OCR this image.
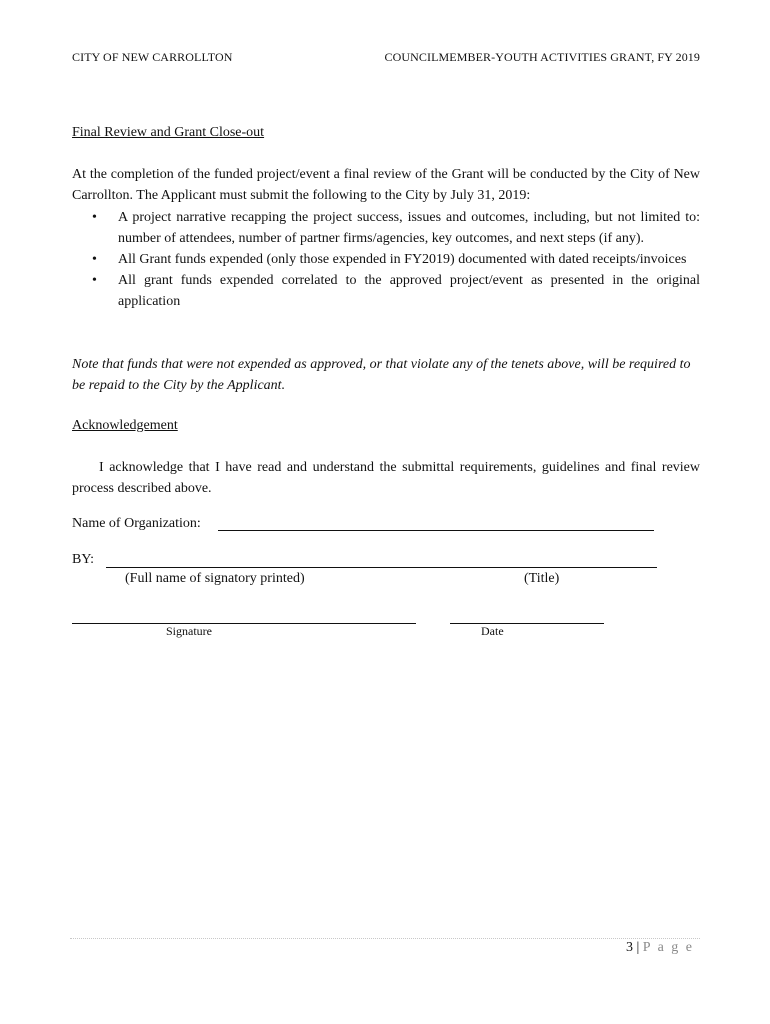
CITY OF NEW CARROLLTON	COUNCILMEMBER-YOUTH ACTIVITIES GRANT, FY 2019
Final Review and Grant Close-out
At the completion of the funded project/event a final review of the Grant will be conducted by the City of New Carrollton. The Applicant must submit the following to the City by July 31, 2019:
• A project narrative recapping the project success, issues and outcomes, including, but not limited to: number of attendees, number of partner firms/agencies, key outcomes, and next steps (if any).
• All Grant funds expended (only those expended in FY2019) documented with dated receipts/invoices
• All grant funds expended correlated to the approved project/event as presented in the original application
Note that funds that were not expended as approved, or that violate any of the tenets above, will be required to be repaid to the City by the Applicant.
Acknowledgement
I acknowledge that I have read and understand the submittal requirements, guidelines and final review process described above.
Name of Organization:
BY:
(Full name of signatory printed)	(Title)
Signature	Date
3 | P a g e
